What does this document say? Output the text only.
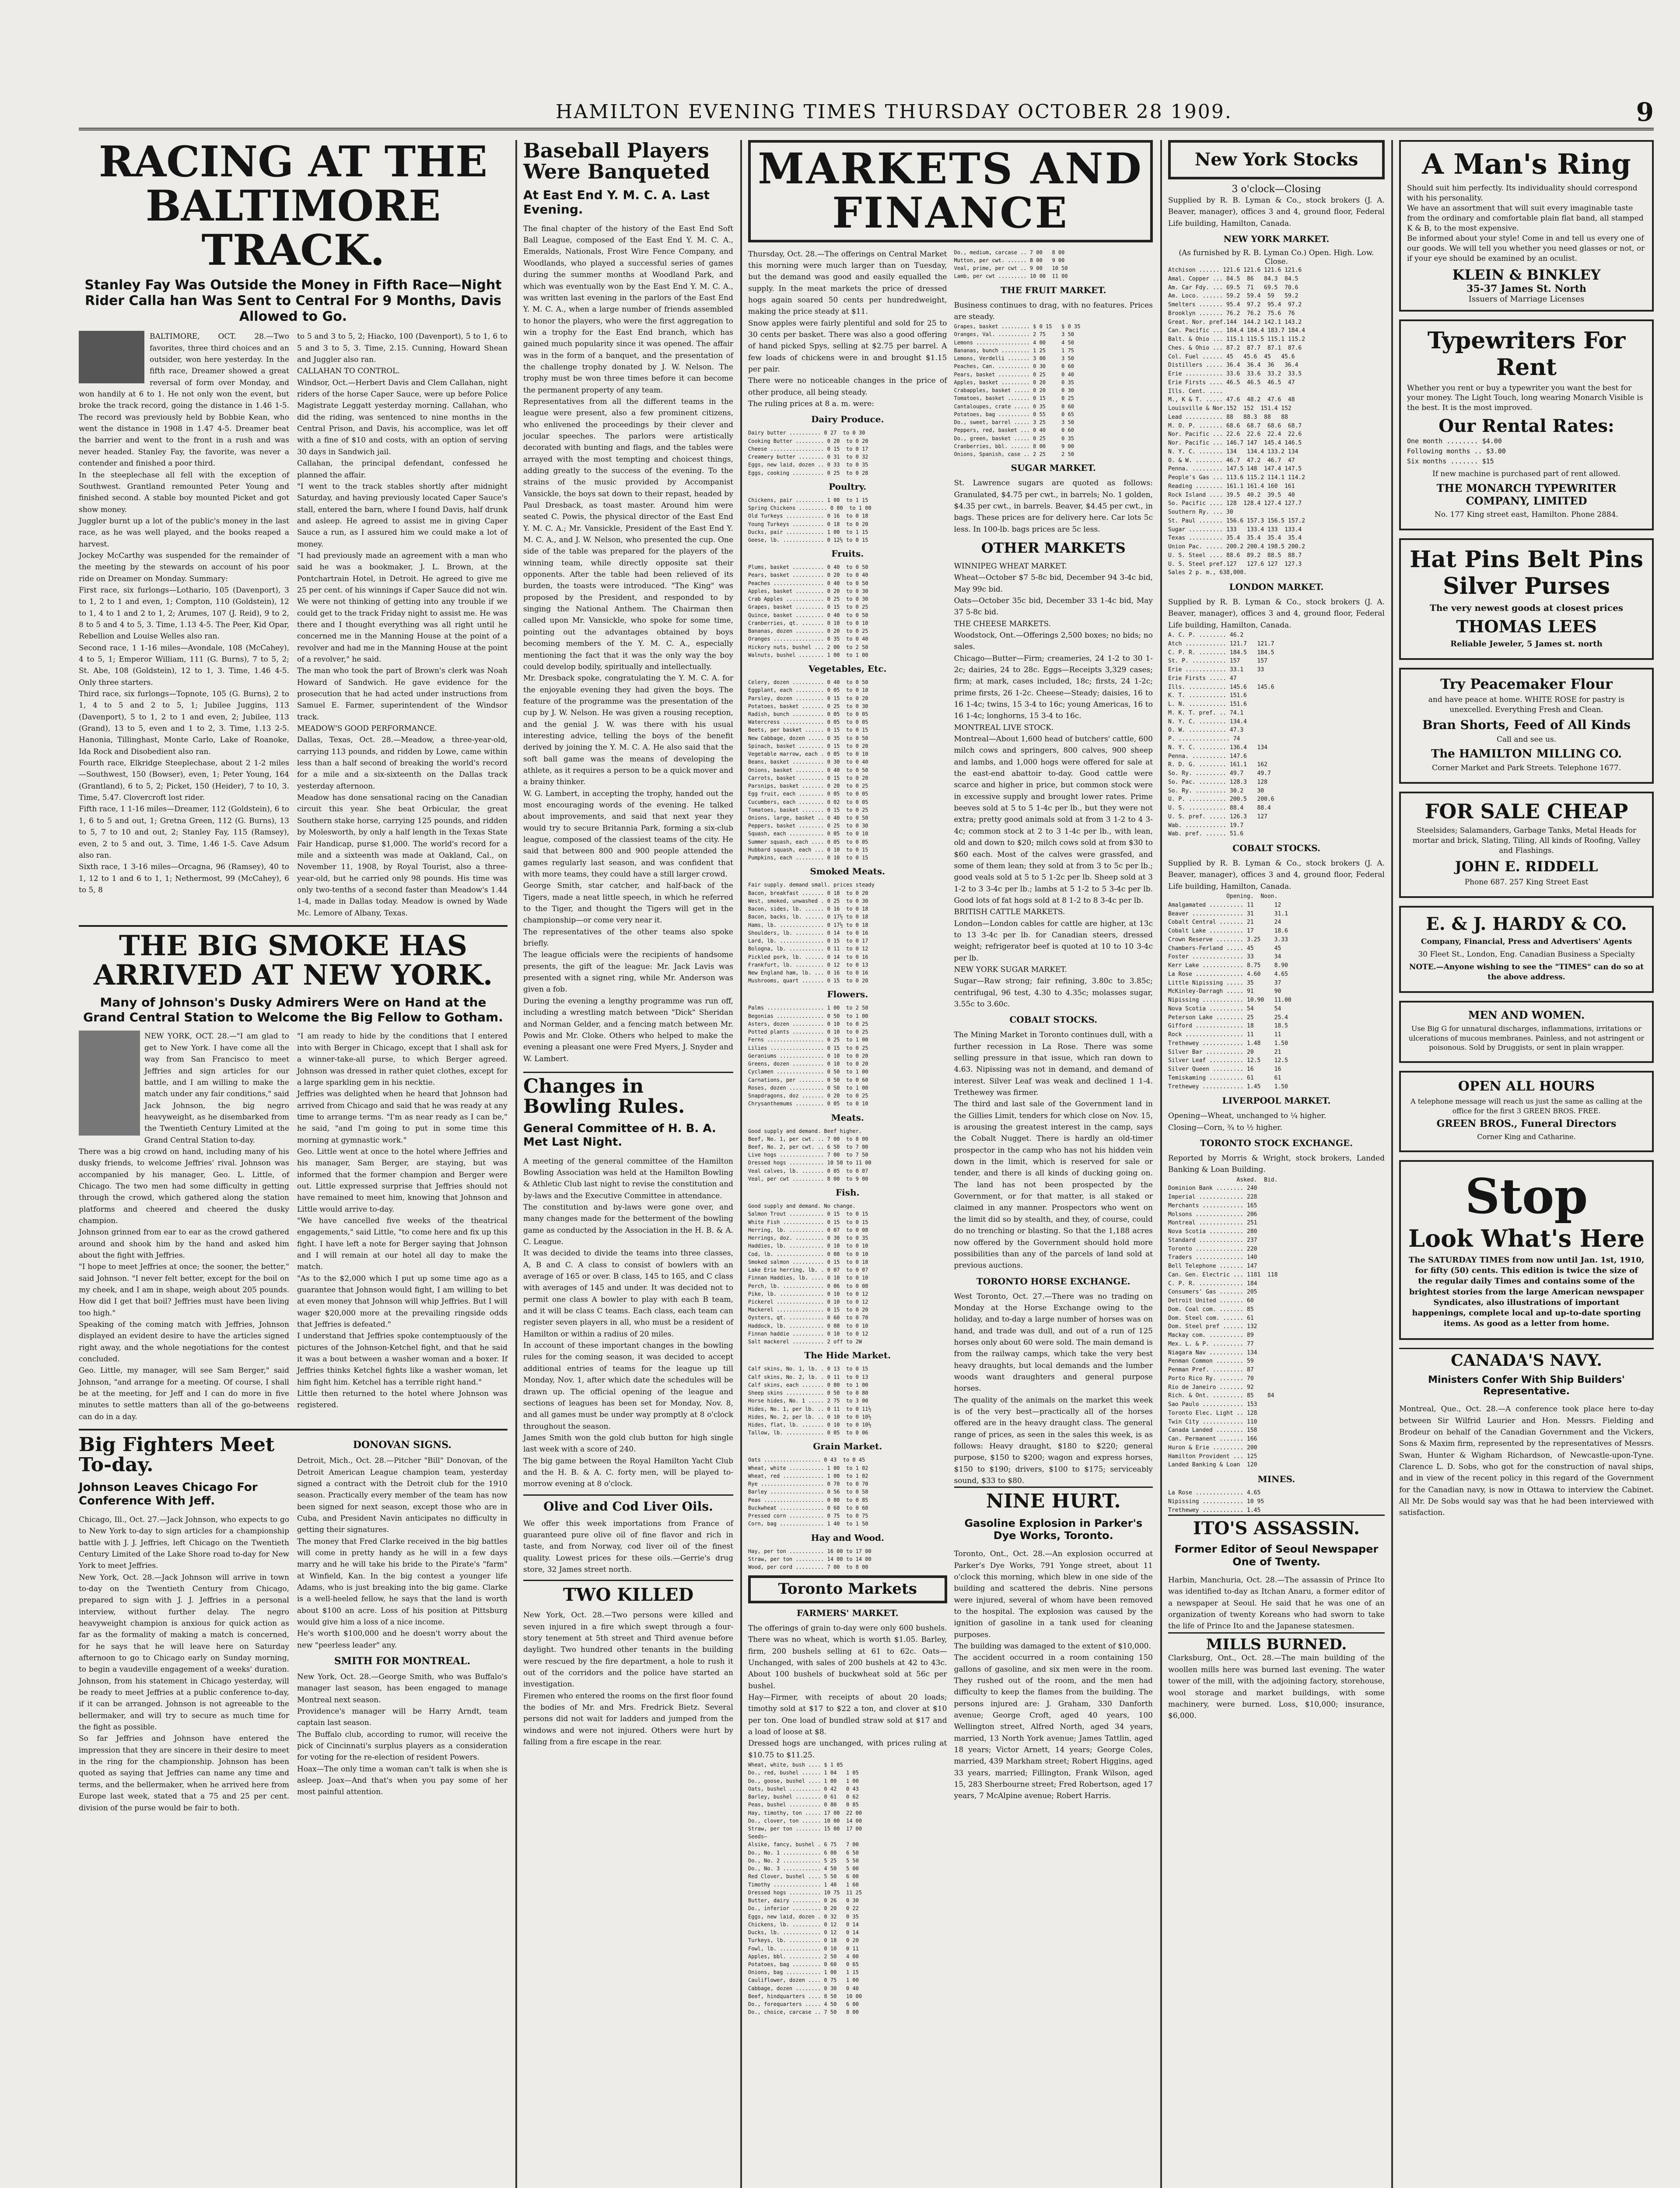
HAMILTON EVENING TIMES THURSDAY OCTOBER 28 1909.	9
RACING AT THE BALTIMORE TRACK.
Stanley Fay Was Outside the Money in Fifth Race—Night Rider Calla han Was Sent to Central For 9 Months, Davis Allowed to Go.

BALTIMORE, OCT. 28.—Two favorites, three third choices and an outsider, won here yesterday. In the fifth race, Dreamer showed a great reversal of form over Monday, and won handily at 6 to 1. He not only won the event, but broke the track record, going the distance in 1.46 1-5. The record was previously held by Bobbie Kean, who went the distance in 1908 in 1.47 4-5. Dreamer beat the barrier and went to the front in a rush and was never headed. Stanley Fay, the favorite, was never a contender and finished a poor third.
In the steeplechase all fell with the exception of Southwest. Grantland remounted Peter Young and finished second. A stable boy mounted Picket and got show money.
Juggler burnt up a lot of the public's money in the last race, as he was well played, and the books reaped a harvest.
Jockey McCarthy was suspended for the remainder of the meeting by the stewards on account of his poor ride on Dreamer on Monday. Summary:
First race, six furlongs—Lothario, 105 (Davenport), 3 to 1, 2 to 1 and even, 1; Compton, 110 (Goldstein), 12 to 1, 4 to 1 and 2 to 1, 2; Arumes, 107 (J. Reid), 9 to 2, 8 to 5 and 4 to 5, 3. Time, 1.13 4-5. The Peer, Kid Opar, Rebellion and Louise Welles also ran.
Second race, 1 1-16 miles—Avondale, 108 (McCahey), 4 to 5, 1; Emperor William, 111 (G. Burns), 7 to 5, 2; St. Abe, 108 (Goldstein), 12 to 1, 3. Time, 1.46 4-5. Only three starters.
Third race, six furlongs—Topnote, 105 (G. Burns), 2 to 1, 4 to 5 and 2 to 5, 1; Jubilee Juggins, 113 (Davenport), 5 to 1, 2 to 1 and even, 2; Jubilee, 113 (Grand), 13 to 5, even and 1 to 2, 3. Time, 1.13 2-5. Hanonia, Tillinghast, Monte Carlo, Lake of Roanoke, Ida Rock and Disobedient also ran.
Fourth race, Elkridge Steeplechase, about 2 1-2 miles—Southwest, 150 (Bowser), even, 1; Peter Young, 164 (Grantland), 6 to 5, 2; Picket, 150 (Heider), 7 to 10, 3. Time, 5.47. Clovercroft lost rider.
Fifth race, 1 1-16 miles—Dreamer, 112 (Goldstein), 6 to 1, 6 to 5 and out, 1; Gretna Green, 112 (G. Burns), 13 to 5, 7 to 10 and out, 2; Stanley Fay, 115 (Ramsey), even, 2 to 5 and out, 3. Time, 1.46 1-5. Cave Adsum also ran.
Sixth race, 1 3-16 miles—Orcagna, 96 (Ramsey), 40 to 1, 12 to 1 and 6 to 1, 1; Nethermost, 99 (McCahey), 6 to 5, 8

to 5 and 3 to 5, 2; Hiacko, 100 (Davenport), 5 to 1, 6 to 5 and 3 to 5, 3. Time, 2.15. Cunning, Howard Shean and Juggler also ran.
CALLAHAN TO CONTROL.
Windsor, Oct.—Herbert Davis and Clem Callahan, night riders of the horse Caper Sauce, were up before Police Magistrate Leggatt yesterday morning. Callahan, who did the riding, was sentenced to nine months in the Central Prison, and Davis, his accomplice, was let off with a fine of $10 and costs, with an option of serving 30 days in Sandwich jail.
Callahan, the principal defendant, confessed he planned the affair.
"I went to the track stables shortly after midnight Saturday, and having previously located Caper Sauce's stall, entered the barn, where I found Davis, half drunk and asleep. He agreed to assist me in giving Caper Sauce a run, as I assured him we could make a lot of money.
"I had previously made an agreement with a man who said he was a bookmaker, J. L. Brown, at the Pontchartrain Hotel, in Detroit. He agreed to give me 25 per cent. of his winnings if Caper Sauce did not win. We were not thinking of getting into any trouble if we could get to the track Friday night to assist me. He was there and I thought everything was all right until he concerned me in the Manning House at the point of a revolver and had me in the Manning House at the point of a revolver," he said.
The man who took the part of Brown's clerk was Noah Howard of Sandwich. He gave evidence for the prosecution that he had acted under instructions from Samuel E. Farmer, superintendent of the Windsor track.
MEADOW'S GOOD PERFORMANCE.
Dallas, Texas, Oct. 28.—Meadow, a three-year-old, carrying 113 pounds, and ridden by Lowe, came within less than a half second of breaking the world's record for a mile and a six-sixteenth on the Dallas track yesterday afternoon.
Meadow has done sensational racing on the Canadian circuit this year. She beat Orbicular, the great Southern stake horse, carrying 125 pounds, and ridden by Molesworth, by only a half length in the Texas State Fair Handicap, purse $1,000. The world's record for a mile and a sixteenth was made at Oakland, Cal., on November 11, 1908, by Royal Tourist, also a three-year-old, but he carried only 98 pounds. His time was only two-tenths of a second faster than Meadow's 1.44 1-4, made in Dallas today. Meadow is owned by Wade Mc. Lemore of Albany, Texas.

THE BIG SMOKE HAS ARRIVED AT NEW YORK.
Many of Johnson's Dusky Admirers Were on Hand at the Grand Central Station to Welcome the Big Fellow to Gotham.

NEW YORK, OCT. 28.—"I am glad to get to New York. I have come all the way from San Francisco to meet Jeffries and sign articles for our battle, and I am willing to make the match under any fair conditions," said Jack Johnson, the big negro heavyweight, as he disembarked from the Twentieth Century Limited at the Grand Central Station to-day.
There was a big crowd on hand, including many of his dusky friends, to welcome Jeffries' rival. Johnson was accompanied by his manager, Geo. L. Little, of Chicago. The two men had some difficulty in getting through the crowd, which gathered along the station platforms and cheered and cheered the dusky champion.
Johnson grinned from ear to ear as the crowd gathered around and shook him by the hand and asked him about the fight with Jeffries.
"I hope to meet Jeffries at once; the sooner, the better," said Johnson. "I never felt better, except for the boil on my cheek, and I am in shape, weigh about 205 pounds. How did I get that boil? Jeffries must have been living too high."
Speaking of the coming match with Jeffries, Johnson displayed an evident desire to have the articles signed right away, and the whole negotiations for the contest concluded.
Geo. Little, my manager, will see Sam Berger," said Johnson, "and arrange for a meeting. Of course, I shall be at the meeting, for Jeff and I can do more in five minutes to settle matters than all of the go-betweens can do in a day.

"I am ready to hide by the conditions that I entered into with Berger in Chicago, except that I shall ask for a winner-take-all purse, to which Berger agreed. Johnson was dressed in rather quiet clothes, except for a large sparkling gem in his necktie.
Jeffries was delighted when he heard that Johnson had arrived from Chicago and said that he was ready at any time to arrange terms. "I'm as near ready as I can be," he said, "and I'm going to put in some time this morning at gymnastic work."
Geo. Little went at once to the hotel where Jeffries and his manager, Sam Berger, are staying, but was informed that the former champion and Berger were out. Little expressed surprise that Jeffries should not have remained to meet him, knowing that Johnson and Little would arrive to-day.
"We have cancelled five weeks of the theatrical engagements," said Little, "to come here and fix up this fight. I have left a note for Berger saying that Johnson and I will remain at our hotel all day to make the match.
"As to the $2,000 which I put up some time ago as a guarantee that Johnson would fight, I am willing to bet at even money that Johnson will whip Jeffries. But I will wager $20,000 more at the prevailing ringside odds that Jeffries is defeated."
I understand that Jeffries spoke contemptuously of the pictures of the Johnson-Ketchel fight, and that he said it was a bout between a washer woman and a boxer. If Jeffries thinks Ketchel fights like a washer woman, let him fight him. Ketchel has a terrible right hand."
Little then returned to the hotel where Johnson was registered.

Big Fighters Meet To-day.
Johnson Leaves Chicago For Conference With Jeff.

Chicago, Ill., Oct. 27.—Jack Johnson, who expects to go to New York to-day to sign articles for a championship battle with J. J. Jeffries, left Chicago on the Twentieth Century Limited of the Lake Shore road to-day for New York to meet Jeffries.
New York, Oct. 28.—Jack Johnson will arrive in town to-day on the Twentieth Century from Chicago, prepared to sign with J. J. Jeffries in a personal interview, without further delay. The negro heavyweight champion is anxious for quick action as far as the formality of making a match is concerned, for he says that he will leave here on Saturday afternoon to go to Chicago early on Sunday morning, to begin a vaudeville engagement of a weeks' duration. Johnson, from his statement in Chicago yesterday, will be ready to meet Jeffries at a public conference to-day, if it can be arranged. Johnson is not agreeable to the bellermaker, and will try to secure as much time for the fight as possible.
So far Jeffries and Johnson have entered the impression that they are sincere in their desire to meet in the ring for the championship. Johnson has been quoted as saying that Jeffries can name any time and terms, and the bellermaker, when he arrived here from Europe last week, stated that a 75 and 25 per cent. division of the purse would be fair to both.

DONOVAN SIGNS.

Detroit, Mich., Oct. 28.—Pitcher "Bill" Donovan, of the Detroit American League champion team, yesterday signed a contract with the Detroit club for the 1910 season. Practically every member of the team has now been signed for next season, except those who are in Cuba, and President Navin anticipates no difficulty in getting their signatures.
The money that Fred Clarke received in the big battles will come in pretty handy as he will in a few days marry and he will take his bride to the Pirate's "farm" at Winfield, Kan. In the big contest a younger life Adams, who is just breaking into the big game. Clarke is a well-heeled fellow, he says that the land is worth about $100 an acre. Loss of his position at Pittsburg would give him a loss of a nice income.
He's worth $100,000 and he doesn't worry about the new "peerless leader" any.

SMITH FOR MONTREAL.

New York, Oct. 28.—George Smith, who was Buffalo's manager last season, has been engaged to manage Montreal next season.
Providence's manager will be Harry Arndt, team captain last season.
The Buffalo club, according to rumor, will receive the pick of Cincinnati's surplus players as a consideration for voting for the re-election of resident Powers.
Hoax—The only time a woman can't talk is when she is asleep. Joax—And that's when you pay some of her most painful attention.

Baseball Players Were Banqueted
At East End Y. M. C. A. Last Evening.

The final chapter of the history of the East End Soft Ball League, composed of the East End Y. M. C. A., Emeralds, Nationals, Frost Wire Fence Company, and Woodlands, who played a successful series of games during the summer months at Woodland Park, and which was eventually won by the East End Y. M. C. A., was written last evening in the parlors of the East End Y. M. C. A., when a large number of friends assembled to honor the players, who were the first aggregation to win a trophy for the East End branch, which has gained much popularity since it was opened. The affair was in the form of a banquet, and the presentation of the challenge trophy donated by J. W. Nelson. The trophy must be won three times before it can become the permanent property of any team.
Representatives from all the different teams in the league were present, also a few prominent citizens, who enlivened the proceedings by their clever and jocular speeches. The parlors were artistically decorated with bunting and flags, and the tables were arrayed with the most tempting and choicest things, adding greatly to the success of the evening. To the strains of the music provided by Accompanist Vansickle, the boys sat down to their repast, headed by Paul Dresback, as toast master. Around him were seated C. Powis, the physical director of the East End Y. M. C. A.; Mr. Vansickle, President of the East End Y. M. C. A., and J. W. Nelson, who presented the cup. One side of the table was prepared for the players of the winning team, while directly opposite sat their opponents. After the table had been relieved of its burden, the toasts were introduced. "The King" was proposed by the President, and responded to by singing the National Anthem. The Chairman then called upon Mr. Vansickle, who spoke for some time, pointing out the advantages obtained by boys becoming members of the Y. M. C. A., especially mentioning the fact that it was the only way the boy could develop bodily, spiritually and intellectually.
Mr. Dresback spoke, congratulating the Y. M. C. A. for the enjoyable evening they had given the boys. The feature of the programme was the presentation of the cup by J. W. Nelson. He was given a rousing reception, and the genial J. W. was there with his usual interesting advice, telling the boys of the benefit derived by joining the Y. M. C. A. He also said that the soft ball game was the means of developing the athlete, as it requires a person to be a quick mover and a brainy thinker.
W. G. Lambert, in accepting the trophy, handed out the most encouraging words of the evening. He talked about improvements, and said that next year they would try to secure Britannia Park, forming a six-club league, composed of the classiest teams of the city. He said that between 800 and 900 people attended the games regularly last season, and was confident that with more teams, they could have a still larger crowd.
George Smith, star catcher, and half-back of the Tigers, made a neat little speech, in which he referred to the Tiger, and thought the Tigers will get in the championship—or come very near it.
The representatives of the other teams also spoke briefly.
The league officials were the recipients of handsome presents, the gift of the league: Mr. Jack Lavis was presented with a signet ring, while Mr. Anderson was given a fob.
During the evening a lengthy programme was run off, including a wrestling match between "Dick" Sheridan and Norman Gelder, and a fencing match between Mr. Powis and Mr. Cloke. Others who helped to make the evening a pleasant one were Fred Myers, J. Snyder and W. Lambert.

Changes in Bowling Rules.
General Committee of H. B. A. Met Last Night.

A meeting of the general committee of the Hamilton Bowling Association was held at the Hamilton Bowling & Athletic Club last night to revise the constitution and by-laws and the Executive Committee in attendance.
The constitution and by-laws were gone over, and many changes made for the betterment of the bowling game as conducted by the Association in the H. B. & A. C. League.
It was decided to divide the teams into three classes, A, B and C. A class to consist of bowlers with an average of 165 or over. B class, 145 to 165, and C class with averages of 145 and under. It was decided not to permit one class A bowler to play with each B team, and it will be class C teams. Each class, each team can register seven players in all, who must be a resident of Hamilton or within a radius of 20 miles.
In account of these important changes in the bowling rules for the coming season, it was decided to accept additional entries of teams for the league up till Monday, Nov. 1, after which date the schedules will be drawn up. The official opening of the league and sections of leagues has been set for Monday, Nov. 8, and all games must be under way promptly at 8 o'clock throughout the season.
James Smith won the gold club button for high single last week with a score of 240.
The big game between the Royal Hamilton Yacht Club and the H. B. & A. C. forty men, will be played to-morrow evening at 8 o'clock.

Olive and Cod Liver Oils.

We offer this week importations from France of guaranteed pure olive oil of fine flavor and rich in taste, and from Norway, cod liver oil of the finest quality. Lowest prices for these oils.—Gerrie's drug store, 32 James street north.

TWO KILLED

New York, Oct. 28.—Two persons were killed and seven injured in a fire which swept through a four-story tenement at 5th street and Third avenue before daylight. Two hundred other tenants in the building were rescued by the fire department, a hole to rush it out of the corridors and the police have started an investigation.
Firemen who entered the rooms on the first floor found the bodies of Mr. and Mrs. Fredrick Bietz. Several persons did not wait for ladders and jumped from the windows and were not injured. Others were hurt by falling from a fire escape in the rear.

MARKETS AND FINANCE

Thursday, Oct. 28.—The offerings on Central Market this morning were much larger than on Tuesday, but the demand was good and easily equalled the supply. In the meat markets the price of dressed hogs again soared 50 cents per hundredweight, making the price steady at $11.
Snow apples were fairly plentiful and sold for 25 to 30 cents per basket. There was also a good offering of hand picked Spys, selling at $2.75 per barrel. A few loads of chickens were in and brought $1.15 per pair.
There were no noticeable changes in the price of other produce, all being steady.
The ruling prices at 8 a. m. were:

Dairy Produce.
Dairy butter .......... 0 27  to 0 30
Cooking Butter ......... 0 20  to 0 20
Cheese ................. 0 15  to 0 17
Creamery butter ........ 0 31  to 0 32
Eggs, new laid, dozen .. 0 33  to 0 35
Eggs, cooking .......... 0 25  to 0 28
Poultry.
Chickens, pair ......... 1 00  to 1 15
Spring Chickens ......... 0 80  to 1 00
Old Turkeys ............ 0 16  to 0 18
Young Turkeys .......... 0 18  to 0 20
Ducks, pair ............ 1 00  to 1 15
Geese, lb. ............. 0 12½ to 0 15
Fruits.
Plums, basket .......... 0 40  to 0 50
Pears, basket .......... 0 20  to 0 40
Peaches ................ 0 40  to 0 50
Apples, basket ......... 0 20  to 0 30
Crab Apples ............ 0 25  to 0 30
Grapes, basket ......... 0 15  to 0 25
Quince, basket ......... 0 40  to 0 50
Cranberries, qt. ....... 0 10  to 0 10
Bananas, dozen ......... 0 20  to 0 25
Oranges ................ 0 35  to 0 40
Hickory nuts, bushel ... 2 00  to 2 50
Walnuts, bushel ........ 1 00  to 1 00
Vegetables, Etc.
Celery, dozen .......... 0 40  to 0 50
Eggplant, each ......... 0 05  to 0 10
Parsley, dozen ......... 0 15  to 0 20
Potatoes, basket ....... 0 25  to 0 30
Radish, bunch .......... 0 05  to 0 05
Watercress ............. 0 05  to 0 05
Beets, per basket ...... 0 15  to 0 15
New Cabbage, dozen ..... 0 35  to 0 50
Spinach, basket ........ 0 15  to 0 20
Vegetable marrow, each . 0 05  to 0 10
Beans, basket .......... 0 30  to 0 40
Onions, basket ......... 0 40  to 0 50
Carrots, basket ........ 0 15  to 0 20
Parsnips, basket ....... 0 20  to 0 25
Egg fruit, each ........ 0 05  to 0 05
Cucumbers, each ........ 0 02  to 0 05
Tomatoes, basket ....... 0 15  to 0 25
Onions, large, basket .. 0 40  to 0 50
Peppers, basket ........ 0 25  to 0 30
Squash, each ........... 0 05  to 0 10
Summer squash, each .... 0 05  to 0 05
Hubbard squash, each ... 0 10  to 0 15
Pumpkins, each ......... 0 10  to 0 15
Smoked Meats.
Fair supply. demand small. prices steady
Bacon, breakfast ....... 0 18  to 0 20
West, smoked, unwashed . 0 25  to 0 30
Bacon, sides, lb. ...... 0 16  to 0 18
Bacon, backs, lb. ...... 0 17½ to 0 18
Hams, lb. .............. 0 17½ to 0 18
Shoulders, lb. ......... 0 14  to 0 16
Lard, lb. .............. 0 15  to 0 17
Bologna, lb. ........... 0 11  to 0 12
Pickled pork, lb. ...... 0 14  to 0 16
Frankfurt, lb. ......... 0 12  to 0 13
New England ham, lb. ... 0 16  to 0 16
Mushrooms, quart ....... 0 15  to 0 20
Flowers.
Palms .................. 1 00  to 2 50
Begonias ............... 0 50  to 1 00
Asters, dozen .......... 0 10  to 0 25
Potted plants .......... 0 10  to 0 25
Ferns .................. 0 25  to 1 00
Lilies ................. 0 15  to 0 25
Geraniums .............. 0 10  to 0 20
Greens, dozen .......... 0 10  to 0 20
Cyclamen ............... 0 50  to 1 00
Carnations, per ........ 0 50  to 0 60
Roses, dozen ........... 0 50  to 1 00
Snapdragons, doz ....... 0 20  to 0 25
Chrysanthemums ......... 0 05  to 0 10
Meats.
Good supply and demand. Beef higher.
Beef, No. 1, per cwt. .. 7 00  to 8 00
Beef, No. 2, per cwt. .. 6 50  to 7 00
Live hogs .............. 7 00  to 7 50
Dressed hogs ........... 10 50 to 11 00
Veal calves, lb. ....... 0 05  to 0 07
Veal, per cwt .......... 8 00  to 9 00
Fish.
Good supply and demand. No change.
Salmon Trout ........... 0 15  to 0 15
White Fish ............. 0 15  to 0 15
Herring, lb. ........... 0 07  to 0 08
Herrings, doz. ......... 0 30  to 0 35
Haddies, lb. ........... 0 10  to 0 10
Cod, lb. ............... 0 08  to 0 10
Smoked salmon .......... 0 15  to 0 18
Lake Erie herring, lb. . 0 07  to 0 07
Finnan Haddies, lb. .... 0 10  to 0 10
Perch, lb. ............. 0 06  to 0 08
Pike, lb. .............. 0 10  to 0 12
Pickerel ............... 0 10  to 0 12
Mackerel ............... 0 15  to 0 20
Oysters, qt. ........... 0 60  to 0 70
Haddock, lb. ........... 0 08  to 0 10
Finnan haddie .......... 0 10  to 0 12
Salt mackerel .......... 2 off to 2W
The Hide Market.
Calf skins, No. 1, lb. . 0 13  to 0 15
Calf skins, No. 2, lb. . 0 11  to 0 13
Calf skins, each ....... 0 80  to 1 00
Sheep skins ............ 0 50  to 0 80
Horse hides, No. 1 ..... 2 75  to 3 00
Hides, No. 1, per lb. .. 0 11  to 0 11½
Hides, No. 2, per lb. .. 0 10  to 0 10½
Hides, flat, lb. ....... 0 10  to 0 10½
Tallow, lb. ............ 0 05  to 0 06
Grain Market.
Oats .................. 0 43  to 0 45
Wheat, white ........... 1 00  to 1 02
Wheat, red ............. 1 00  to 1 02
Rye .................... 0 70  to 0 70
Barley ................. 0 56  to 0 58
Peas ................... 0 80  to 0 85
Buckwheat .............. 0 60  to 0 60
Pressed corn ........... 0 75  to 0 75
Corn, bag .............. 1 40  to 1 50
Hay and Wood.
Hay, per ton ........... 16 00 to 17 00
Straw, per ton ......... 14 00 to 14 00
Wood, per cord ......... 7 00  to 8 00
Toronto Markets
FARMERS' MARKET.

The offerings of grain to-day were only 600 bushels. There was no wheat, which is worth $1.05. Barley, firm, 200 bushels selling at 61 to 62c. Oats—Unchanged, with sales of 200 bushels at 42 to 43c. About 100 bushels of buckwheat sold at 56c per bushel.
Hay—Firmer, with receipts of about 20 loads; timothy sold at $17 to $22 a ton, and clover at $10 per ton. One load of bundled straw sold at $17 and a load of loose at $8.
Dressed hogs are unchanged, with prices ruling at $10.75 to $11.25.

Wheat, white, bush .... $ 1 05
Do., red, bushel ...... 1 04   1 05
Do., goose, bushel .... 1 00   1 00
Oats, bushel .......... 0 42   0 43
Barley, bushel ........ 0 61   0 62
Peas, bushel .......... 0 80   0 85
Hay, timothy, ton ..... 17 00  22 00
Do., clover, ton ...... 10 00  14 00
Straw, per ton ........ 15 00  17 00
Seeds—
Alsike, fancy, bushel . 6 75   7 00
Do., No. 1 ............ 6 00   6 50
Do., No. 2 ............ 5 25   5 50
Do., No. 3 ............ 4 50   5 00
Red Clover, bushel .... 5 50   6 00
Timothy ............... 1 40   1 60
Dressed hogs .......... 10 75  11 25
Butter, dairy ......... 0 26   0 30
Do., inferior ......... 0 20   0 22
Eggs, new laid, dozen . 0 32   0 35
Chickens, lb. ......... 0 12   0 14
Ducks, lb. ............ 0 12   0 14
Turkeys, lb. .......... 0 18   0 20
Fowl, lb. ............. 0 10   0 11
Apples, bbl. .......... 2 50   4 00
Potatoes, bag ......... 0 60   0 65
Onions, bag ........... 1 00   1 15
Cauliflower, dozen .... 0 75   1 00
Cabbage, dozen ........ 0 30   0 40
Beef, hindquarters .... 8 50   10 00
Do., forequarters ..... 4 50   6 00
Do., choice, carcase .. 7 50   8 00
Do., medium, carcase .. 7 00   8 00
Mutton, per cwt. ...... 8 00   9 00
Veal, prime, per cwt .. 9 00   10 50
Lamb, per cwt ......... 10 00  11 00
THE FRUIT MARKET.

Business continues to drag, with no features. Prices are steady.

Grapes, basket ......... $ 0 15   $ 0 35
Oranges, Val. .......... 2 75     3 50
Lemons ................. 4 00     4 50
Bananas, bunch ......... 1 25     1 75
Lemons, Verdelli ....... 3 00     3 50
Peaches, Can. .......... 0 30     0 60
Pears, basket .......... 0 25     0 40
Apples, basket ......... 0 20     0 35
Crabapples, basket ..... 0 20     0 30
Tomatoes, basket ....... 0 15     0 25
Cantaloupes, crate ..... 0 35     0 60
Potatoes, bag .......... 0 55     0 65
Do., sweet, barrel ..... 3 25     3 50
Peppers, red, basket ... 0 40     0 60
Do., green, basket ..... 0 25     0 35
Cranberries, bbl. ...... 8 00     9 00
Onions, Spanish, case .. 2 25     2 50
SUGAR MARKET.

St. Lawrence sugars are quoted as follows: Granulated, $4.75 per cwt., in barrels; No. 1 golden, $4.35 per cwt., in barrels. Beaver, $4.45 per cwt., in bags. These prices are for delivery here. Car lots 5c less. In 100-lb. bags prices are 5c less.

OTHER MARKETS

WINNIPEG WHEAT MARKET.
Wheat—October $7 5-8c bid, December 94 3-4c bid, May 99c bid.
Oats—October 35c bid, December 33 1-4c bid, May 37 5-8c bid.
THE CHEESE MARKETS.
Woodstock, Ont.—Offerings 2,500 boxes; no bids; no sales.
Chicago—Butter—Firm; creameries, 24 1-2 to 30 1-2c; dairies, 24 to 28c. Eggs—Receipts 3,329 cases; firm; at mark, cases included, 18c; firsts, 24 1-2c; prime firsts, 26 1-2c. Cheese—Steady; daisies, 16 to 16 1-4c; twins, 15 3-4 to 16c; young Americas, 16 to 16 1-4c; longhorns, 15 3-4 to 16c.
MONTREAL LIVE STOCK.
Montreal—About 1,600 head of butchers' cattle, 600 milch cows and springers, 800 calves, 900 sheep and lambs, and 1,000 hogs were offered for sale at the east-end abattoir to-day. Good cattle were scarce and higher in price, but common stock were in excessive supply and brought lower rates. Prime beeves sold at 5 to 5 1-4c per lb., but they were not extra; pretty good animals sold at from 3 1-2 to 4 3-4c; common stock at 2 to 3 1-4c per lb., with lean, old and down to $20; milch cows sold at from $30 to $60 each. Most of the calves were grassfed, and some of them lean; they sold at from 3 to 5c per lb.; good veals sold at 5 to 5 1-2c per lb. Sheep sold at 3 1-2 to 3 3-4c per lb.; lambs at 5 1-2 to 5 3-4c per lb. Good lots of fat hogs sold at 8 1-2 to 8 3-4c per lb.
BRITISH CATTLE MARKETS.
London—London cables for cattle are higher, at 13c to 13 3-4c per lb. for Canadian steers, dressed weight; refrigerator beef is quoted at 10 to 10 3-4c per lb.
NEW YORK SUGAR MARKET.
Sugar—Raw strong; fair refining, 3.80c to 3.85c; centrifugal, 96 test, 4.30 to 4.35c; molasses sugar, 3.55c to 3.60c.

COBALT STOCKS.

The Mining Market in Toronto continues dull, with a further recession in La Rose. There was some selling pressure in that issue, which ran down to 4.63. Nipissing was not in demand, and demand of interest. Silver Leaf was weak and declined 1 1-4. Trethewey was firmer.
The third and last sale of the Government land in the Gillies Limit, tenders for which close on Nov. 15, is arousing the greatest interest in the camp, says the Cobalt Nugget. There is hardly an old-timer prospector in the camp who has not his hidden vein down in the limit, which is reserved for sale or tender, and there is all kinds of ducking going on. The land has not been prospected by the Government, or for that matter, is all staked or claimed in any manner. Prospectors who went on the limit did so by stealth, and they, of course, could do no trenching or blasting. So that the 1,188 acres now offered by the Government should hold more possibilities than any of the parcels of land sold at previous auctions.

TORONTO HORSE EXCHANGE.

West Toronto, Oct. 27.—There was no trading on Monday at the Horse Exchange owing to the holiday, and to-day a large number of horses was on hand, and trade was dull, and out of a run of 125 horses only about 60 were sold. The main demand is from the railway camps, which take the very best heavy draughts, but local demands and the lumber woods want draughters and general purpose horses.
The quality of the animals on the market this week is of the very best—practically all of the horses offered are in the heavy draught class. The general range of prices, as seen in the sales this week, is as follows: Heavy draught, $180 to $220; general purpose, $150 to $200; wagon and express horses, $150 to $190; drivers, $100 to $175; serviceably sound, $33 to $80.

NINE HURT.
Gasoline Explosion in Parker's Dye Works, Toronto.

Toronto, Ont., Oct. 28.—An explosion occurred at Parker's Dye Works, 791 Yonge street, about 11 o'clock this morning, which blew in one side of the building and scattered the debris. Nine persons were injured, several of whom have been removed to the hospital. The explosion was caused by the ignition of gasoline in a tank used for cleaning purposes.
The building was damaged to the extent of $10,000.
The accident occurred in a room containing 150 gallons of gasoline, and six men were in the room. They rushed out of the room, and the men had difficulty to keep the flames from the building. The persons injured are: J. Graham, 330 Danforth avenue; George Croft, aged 40 years, 100 Wellington street, Alfred North, aged 34 years, married, 13 North York avenue; James Tattlin, aged 18 years; Victor Arnett, 14 years; George Coles, married, 439 Markham street; Robert Higgins, aged 33 years, married; Fillington, Frank Wilson, aged 15, 283 Sherbourne street; Fred Robertson, aged 17 years, 7 McAlpine avenue; Robert Harris.

New York Stocks
3 o'clock—Closing

Supplied by R. B. Lyman & Co., stock brokers (J. A. Beaver, manager), offices 3 and 4, ground floor, Federal Life building, Hamilton, Canada.

NEW YORK MARKET.
(As furnished by R. B. Lyman Co.) Open. High. Low. Close.
Atchison ...... 121.6 121.6 121.6 121.6
Amal. Copper ... 84.5  86   84.3  84.5
Am. Car Fdy. ... 69.5  71   69.5  70.6
Am. Loco. ...... 59.2  59.4  59   59.2
Smelters ....... 95.4  97.2  95.4  97.2
Brooklyn ....... 76.2  76.2  75.6  76
Great. Nor. pref.144  144.2 142.1 143.2
Can. Pacific ... 184.4 184.4 183.7 184.4
Balt. & Ohio ... 115.1 115.5 115.1 115.2
Ches. & Ohio ... 87.2  87.7  87.1  87.6
Col. Fuel ...... 45   45.6  45   45.6
Distillers ..... 36.4  36.4  36   36.4
Erie ........... 33.6  33.6  33.2  33.5
Erie Firsts .... 46.5  46.5  46.5  47
Ills. Cent. ....
M., K & T. ..... 47.6  48.2  47.6  48
Louisville & Nor.152  152  151.4 152
Lead ........... 88   88.3  88   88
M. O. P. ....... 68.6  68.7  68.6  68.7
Nor. Pacific ... 22.6  22.6  22.4  22.6
Nor. Pacific ... 146.7 147  145.4 146.5
N. Y. C. ....... 134   134.4 133.2 134
O. & W. ........ 46.7  47.2  46.7  47
Penna. ......... 147.5 148  147.4 147.5
People's Gas ... 113.6 115.2 114.1 114.2
Reading ........ 161.1 161.4 160  161
Rock Island .... 39.5  40.2  39.5  40
So. Pacific .... 128  128.4 127.4 127.7
Southern Ry. ... 30
St. Paul ....... 156.6 157.3 156.5 157.2
Sugar .......... 133   133.4 133  133.4
Texas .......... 35.4  35.4  35.4  35.4
Union Pac. ..... 200.2 200.4 198.5 200.2
U. S. Steel .... 88.6  89.2  88.5  88.7
U. S. Steel pref.127   127.6 127  127.3
Sales 2 p. m., 638,000.
LONDON MARKET.

Supplied by R. B. Lyman & Co., stock brokers (J. A. Beaver, manager), offices 3 and 4, ground floor, Federal Life building, Hamilton, Canada.

A. C. P. ........ 46.2
Atch ............ 121.7   121.7
C. P. R. ........ 184.5   184.5
St. P. .......... 157     157
Erie ............ 33.1    33
Erie Firsts ..... 47
Ills. ........... 145.6   145.6
K. T. ........... 151.6
L. N. ........... 151.6
M. K. T. pref. .. 74.1
N. Y. C. ........ 134.4
O. W. ........... 47.3
P. ............... 74
N. Y. C. ........ 136.4   134
Penna. .......... 147.6
R. D. G. ........ 161.1   162
So. Ry. ......... 49.7    49.7
So. Pac. ........ 128.3   128
So. Ry. ......... 30.2    30
U. P. ........... 200.5   200.6
U. S. ........... 88.4    88.4
U. S. pref. ..... 126.3   127
Wab. ............ 19.7
Wab. pref. ...... 51.6
COBALT STOCKS.

Supplied by R. B. Lyman & Co., stock brokers (J. A. Beaver, manager), offices 3 and 4, ground floor, Federal Life building, Hamilton, Canada.

Opening.  Noon.
Amalgamated .......... 11      12
Beaver ............... 31      31.1
Cobalt Central ....... 21      24
Cobalt Lake .......... 17      18.6
Crown Reserve ........ 3.25    3.33
Chambers-Ferland ..... 45      45
Foster ............... 33      34
Kerr Lake ............ 8.75    8.90
La Rose .............. 4.60    4.65
Little Nipissing ..... 35      37
McKinley-Darragh ..... 91      90
Nipissing ............ 10.90   11.00
Nova Scotia .......... 54      54
Peterson Lake ........ 25      25.4
Gifford .............. 18      18.5
Rock ................. 11      11
Trethewey ............ 1.48    1.50
Silver Bar ........... 20      21
Silver Leaf .......... 12.5    12.5
Silver Queen ......... 16      16
Temiskaming .......... 61      61
Trethewey ............ 1.45    1.50
LIVERPOOL MARKET.

Opening—Wheat, unchanged to ¼ higher.
Closing—Corn, ¾ to ½ higher.

TORONTO STOCK EXCHANGE.

Reported by Morris & Wright, stock brokers, Landed Banking & Loan Building.

Asked.  Bid.
Dominion Bank ........ 240
Imperial ............. 228
Merchants ............ 165
Molsons .............. 206
Montreal ............. 251
Nova Scotia .......... 280
Standard ............. 237
Toronto .............. 220
Traders .............. 140
Bell Telephone ....... 147
Can. Gen. Electric ... 1181  118
C. P. R. ............. 184
Consumers' Gas ....... 205
Detroit United ....... 60
Dom. Coal com. ....... 85
Dom. Steel com. ...... 61
Dom. Steel pref ...... 132
Mackay com. .......... 89
Mex. L. & P. ......... 77
Niagara Nav .......... 134
Penman Common ........ 59
Penman Pref. ......... 87
Porto Rico Ry. ....... 70
Rio de Janeiro ....... 92
Rich. & Ont. ......... 85    84
Sao Paulo ............ 153
Toronto Elec. Light .. 128
Twin City ............ 110
Canada Landed ........ 158
Can. Permanent ....... 166
Huron & Erie ......... 200
Hamilton Provident ... 125
Landed Banking & Loan  120
MINES.
La Rose .............. 4.65
Nipissing ............ 10 95
Trethewey ............ 1.45
ITO'S ASSASSIN.
Former Editor of Seoul Newspaper One of Twenty.

Harbin, Manchuria, Oct. 28.—The assassin of Prince Ito was identified to-day as Itchan Anaru, a former editor of a newspaper at Seoul. He said that he was one of an organization of twenty Koreans who had sworn to take the life of Prince Ito and the Japanese statesmen.

MILLS BURNED.

Clarksburg, Ont., Oct. 28.—The main building of the woollen mills here was burned last evening. The water tower of the mill, with the adjoining factory, storehouse, wool storage and market buildings, with some machinery, were burned. Loss, $10,000; insurance, $6,000.

A Man's Ring

Should suit him perfectly. Its individuality should correspond with his personality.
We have an assortment that will suit every imaginable taste from the ordinary and comfortable plain flat band, all stamped K & B, to the most expensive.
Be informed about your style! Come in and tell us every one of our goods. We will tell you whether you need glasses or not, or if your eye should be examined by an oculist.

KLEIN & BINKLEY
35-37 James St. North
Issuers of Marriage Licenses
Typewriters For Rent

Whether you rent or buy a typewriter you want the best for your money. The Light Touch, long wearing Monarch Visible is the best. It is the most improved.

Our Rental Rates:
One month ........ $4.00
Following months .. $3.00
Six months ....... $15

If new machine is purchased part of rent allowed.

THE MONARCH TYPEWRITER COMPANY, LIMITED

No. 177 King street east, Hamilton. Phone 2884.

Hat Pins Belt Pins Silver Purses

The very newest goods at closest prices

THOMAS LEES

Reliable Jeweler, 5 James st. north

Try Peacemaker Flour

and have peace at home. WHITE ROSE for pastry is unexcelled. Everything Fresh and Clean.

Bran Shorts, Feed of All Kinds

Call and see us.

The HAMILTON MILLING CO.

Corner Market and Park Streets. Telephone 1677.

FOR SALE CHEAP

Steelsides; Salamanders, Garbage Tanks, Metal Heads for mortar and brick, Slating, Tiling, All kinds of Roofing, Valley and Flashings.

JOHN E. RIDDELL

Phone 687. 257 King Street East

E. & J. HARDY & CO.

Company, Financial, Press and Advertisers' Agents

30 Fleet St., London, Eng. Canadian Business a Specialty

NOTE.—Anyone wishing to see the "TIMES" can do so at the above address.

MEN AND WOMEN.

Use Big G for unnatural discharges, inflammations, irritations or ulcerations of mucous membranes. Painless, and not astringent or poisonous. Sold by Druggists, or sent in plain wrapper.

OPEN ALL HOURS

A telephone message will reach us just the same as calling at the office for the first 3 GREEN BROS. FREE.

GREEN BROS., Funeral Directors

Corner King and Catharine.

Stop
Look What's Here

The SATURDAY TIMES from now until Jan. 1st, 1910, for fifty (50) cents. This edition is twice the size of the regular daily Times and contains some of the brightest stories from the large American newspaper Syndicates, also illustrations of important happenings, complete local and up-to-date sporting items. As good as a letter from home.

CANADA'S NAVY.
Ministers Confer With Ship Builders' Representative.

Montreal, Que., Oct. 28.—A conference took place here to-day between Sir Wilfrid Laurier and Hon. Messrs. Fielding and Brodeur on behalf of the Canadian Government and the Vickers, Sons & Maxim firm, represented by the representatives of Messrs. Swan, Hunter & Wigham Richardson, of Newcastle-upon-Tyne. Clarence L. D. Sobs, who got for the construction of naval ships, and in view of the recent policy in this regard of the Government for the Canadian navy, is now in Ottawa to interview the Cabinet. All Mr. De Sobs would say was that he had been interviewed with satisfaction.
